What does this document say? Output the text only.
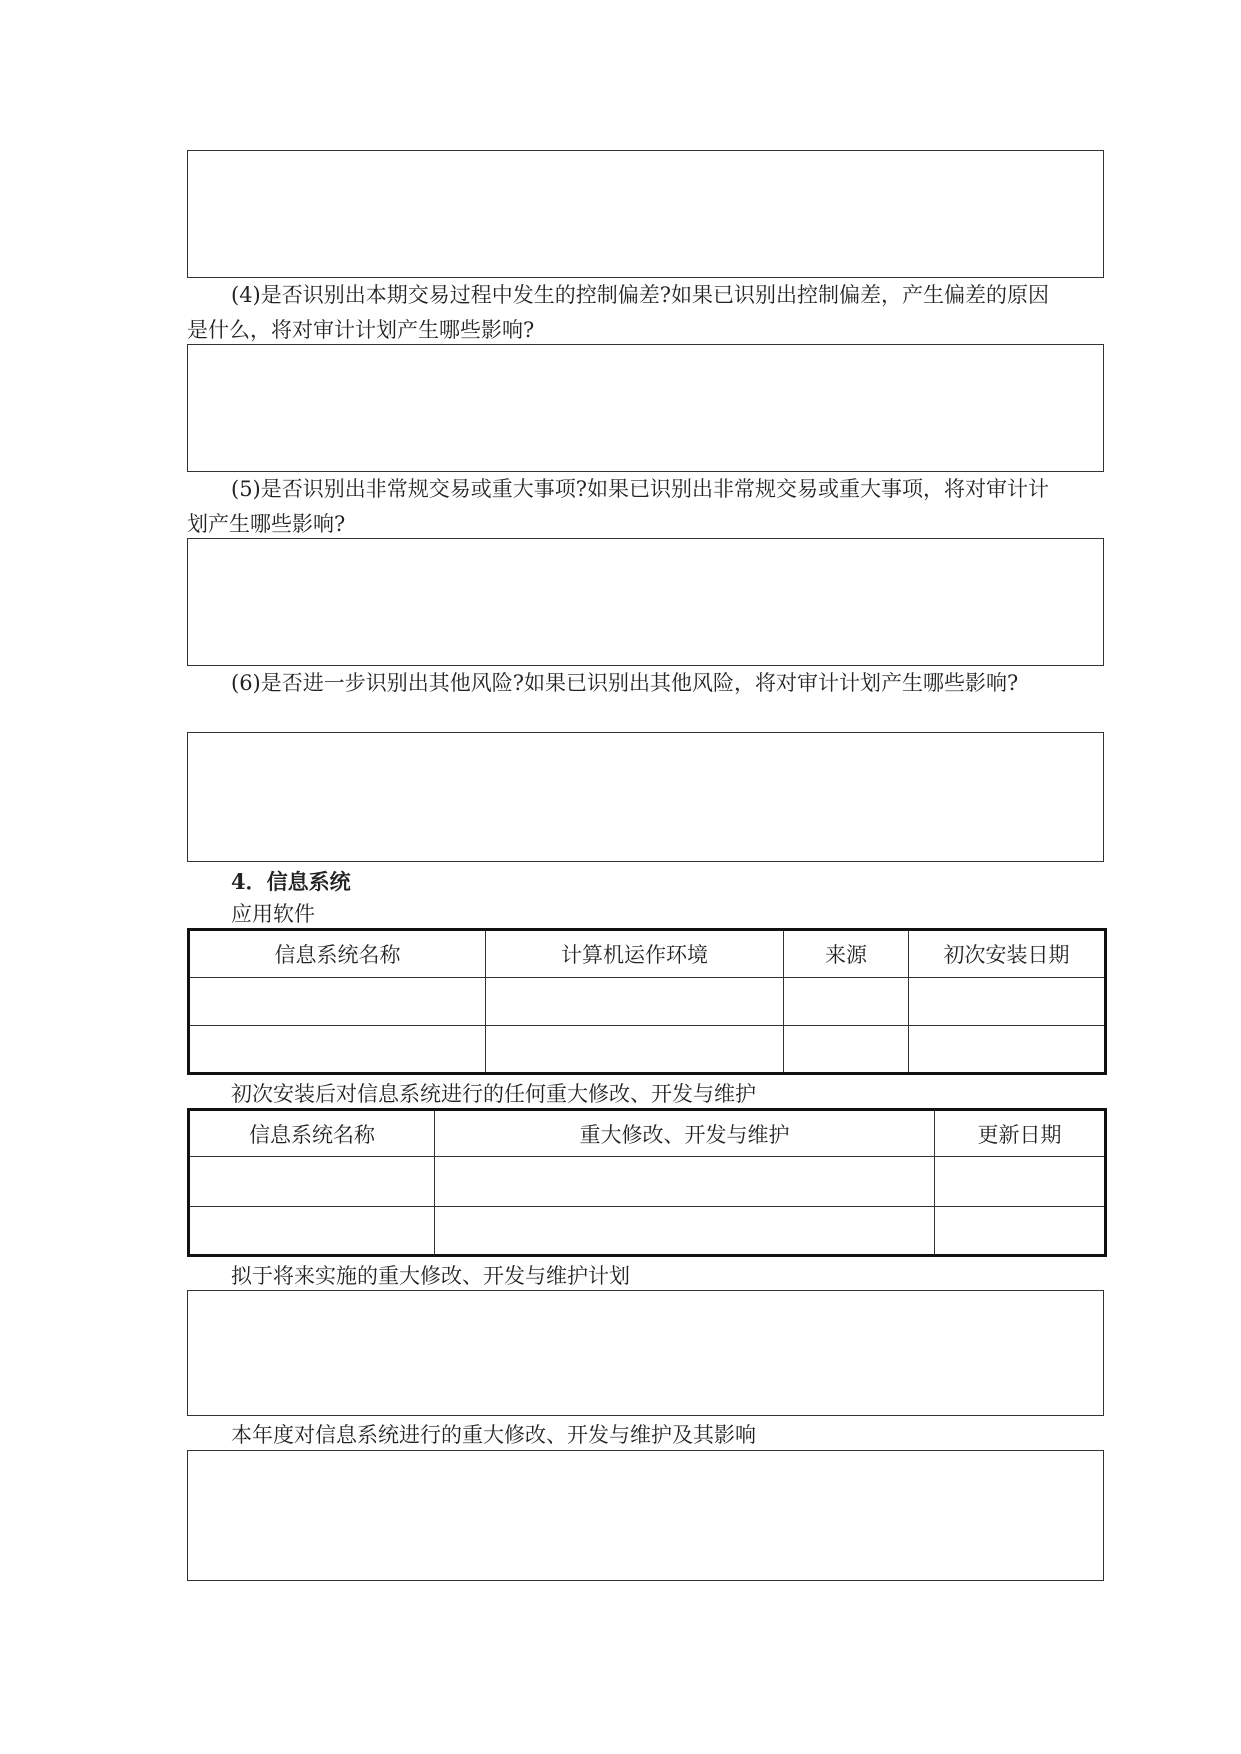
(4)是否识别出本期交易过程中发生的控制偏差?如果已识别出控制偏差，产生偏差的原因是什么，将对审计计划产生哪些影响?

(5)是否识别出非常规交易或重大事项?如果已识别出非常规交易或重大事项，将对审计计划产生哪些影响?

(6)是否进一步识别出其他风险?如果已识别出其他风险，将对审计计划产生哪些影响?

4．信息系统

应用软件

信息系统名称	计算机运作环境	来源	初次安装日期

初次安装后对信息系统进行的任何重大修改、开发与维护

信息系统名称	重大修改、开发与维护	更新日期

拟于将来实施的重大修改、开发与维护计划

本年度对信息系统进行的重大修改、开发与维护及其影响
